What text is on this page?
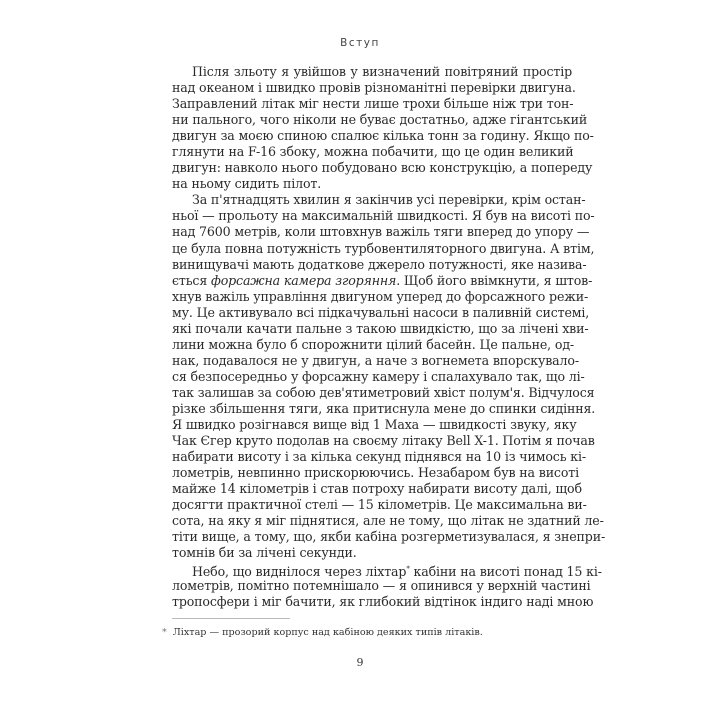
Вступ
Після зльоту я увійшов у визначений повітряний простір
над океаном і швидко провів різноманітні перевірки двигуна.
Заправлений літак міг нести лише трохи більше ніж три тон-
ни пального, чого ніколи не буває достатньо, адже гігантський
двигун за моєю спиною спалює кілька тонн за годину. Якщо по-
глянути на F-16 збоку, можна побачити, що це один великий
двигун: навколо нього побудовано всю конструкцію, а попереду
на ньому сидить пілот.
За п'ятнадцять хвилин я закінчив усі перевірки, крім остан-
ньої — прольоту на максимальній швидкості. Я був на висоті по-
над 7600 метрів, коли штовхнув важіль тяги вперед до упору —
це була повна потужність турбовентиляторного двигуна. А втім,
винищувачі мають додаткове джерело потужності, яке назива-
ється форсажна камера згоряння. Щоб його ввімкнути, я штов-
хнув важіль управління двигуном уперед до форсажного режи-
му. Це активувало всі підкачувальні насоси в паливній системі,
які почали качати пальне з такою швидкістю, що за лічені хви-
лини можна було б спорожнити цілий басейн. Це пальне, од-
нак, подавалося не у двигун, а наче з вогнемета впорскувало-
ся безпосередньо у форсажну камеру і спалахувало так, що лі-
так залишав за собою дев'ятиметровий хвіст полум'я. Відчулося
різке збільшення тяги, яка притиснула мене до спинки сидіння.
Я швидко розігнався вище від 1 Маха — швидкості звуку, яку
Чак Єгер круто подолав на своєму літаку Bell X-1. Потім я почав
набирати висоту і за кілька секунд піднявся на 10 із чимось кі-
лометрів, невпинно прискорюючись. Незабаром був на висоті
майже 14 кілометрів і став потроху набирати висоту далі, щоб
досягти практичної стелі — 15 кілометрів. Це максимальна ви-
сота, на яку я міг піднятися, але не тому, що літак не здатний ле-
тіти вище, а тому, що, якби кабіна розгерметизувалася, я знепри-
томнів би за лічені секунди.
Небо, що виднілося через ліхтар* кабіни на висоті понад 15 кі-
лометрів, помітно потемнішало — я опинився у верхній частині
тропосфери і міг бачити, як глибокий відтінок індиго наді мною
* Ліхтар — прозорий корпус над кабіною деяких типів літаків.
9
